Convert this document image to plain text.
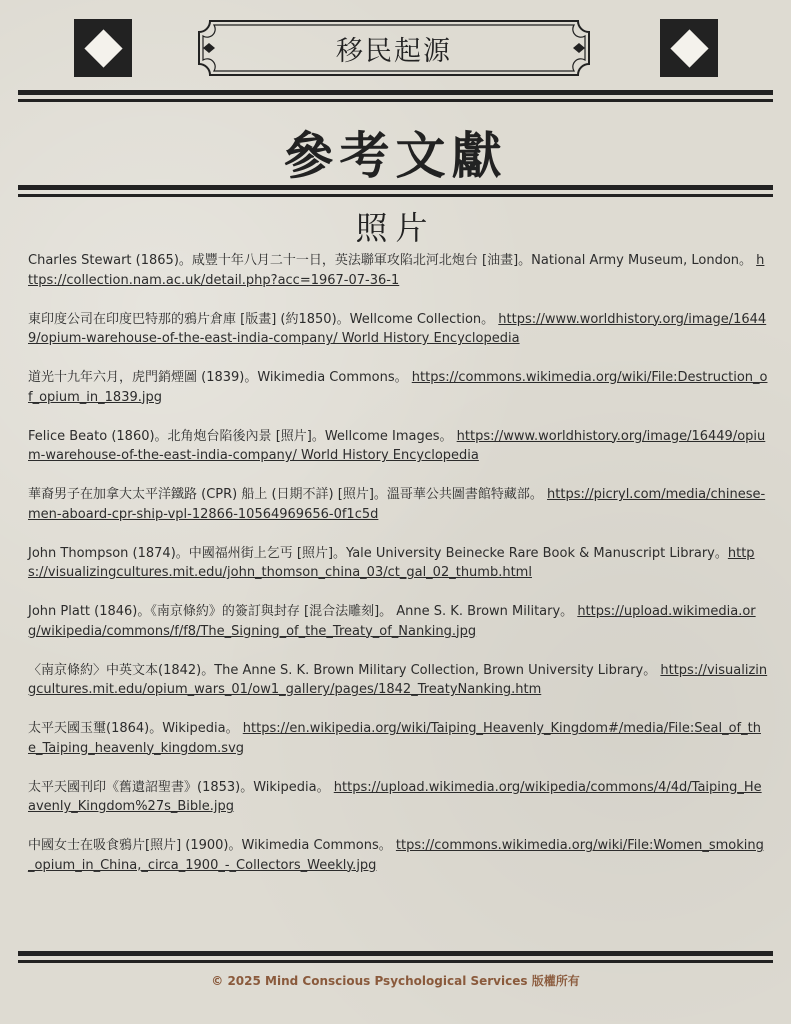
移民起源
參考文獻
照片
Charles Stewart (1865)。咸豐十年八月二十一日，英法聯軍攻陷北河北炮台 [油畫]。National Army Museum, London。 https://collection.nam.ac.uk/detail.php?acc=1967-07-36-1
東印度公司在印度巴特那的鴉片倉庫 [版畫] (約1850)。Wellcome Collection。 https://www.worldhistory.org/image/16449/opium-warehouse-of-the-east-india-company/ World History Encyclopedia
道光十九年六月，虎門銷煙圖 (1839)。Wikimedia Commons。 https://commons.wikimedia.org/wiki/File:Destruction_of_opium_in_1839.jpg
Felice Beato (1860)。北角炮台陷後內景 [照片]。Wellcome Images。 https://www.worldhistory.org/image/16449/opium-warehouse-of-the-east-india-company/ World History Encyclopedia
華裔男子在加拿大太平洋鐵路 (CPR) 船上 (日期不詳) [照片]。溫哥華公共圖書館特藏部。 https://picryl.com/media/chinese-men-aboard-cpr-ship-vpl-12866-10564969656-0f1c5d
John Thompson (1874)。中國福州街上乞丐 [照片]。Yale University Beinecke Rare Book & Manuscript Library。https://visualizingcultures.mit.edu/john_thomson_china_03/ct_gal_02_thumb.html
John Platt (1846)。《南京條約》的簽訂與封存 [混合法雕刻]。 Anne S. K. Brown Military。 https://upload.wikimedia.org/wikipedia/commons/f/f8/The_Signing_of_the_Treaty_of_Nanking.jpg
〈南京條約〉中英文本(1842)。The Anne S. K. Brown Military Collection, Brown University Library。 https://visualizingcultures.mit.edu/opium_wars_01/ow1_gallery/pages/1842_TreatyNanking.htm
太平天國玉璽(1864)。Wikipedia。 https://en.wikipedia.org/wiki/Taiping_Heavenly_Kingdom#/media/File:Seal_of_the_Taiping_heavenly_kingdom.svg
太平天國刊印《舊遺詔聖書》(1853)。Wikipedia。 https://upload.wikimedia.org/wikipedia/commons/4/4d/Taiping_Heavenly_Kingdom%27s_Bible.jpg
中國女士在吸食鴉片[照片] (1900)。Wikimedia Commons。 ttps://commons.wikimedia.org/wiki/File:Women_smoking_opium_in_China,_circa_1900_-_Collectors_Weekly.jpg
© 2025 Mind Conscious Psychological Services 版權所有
